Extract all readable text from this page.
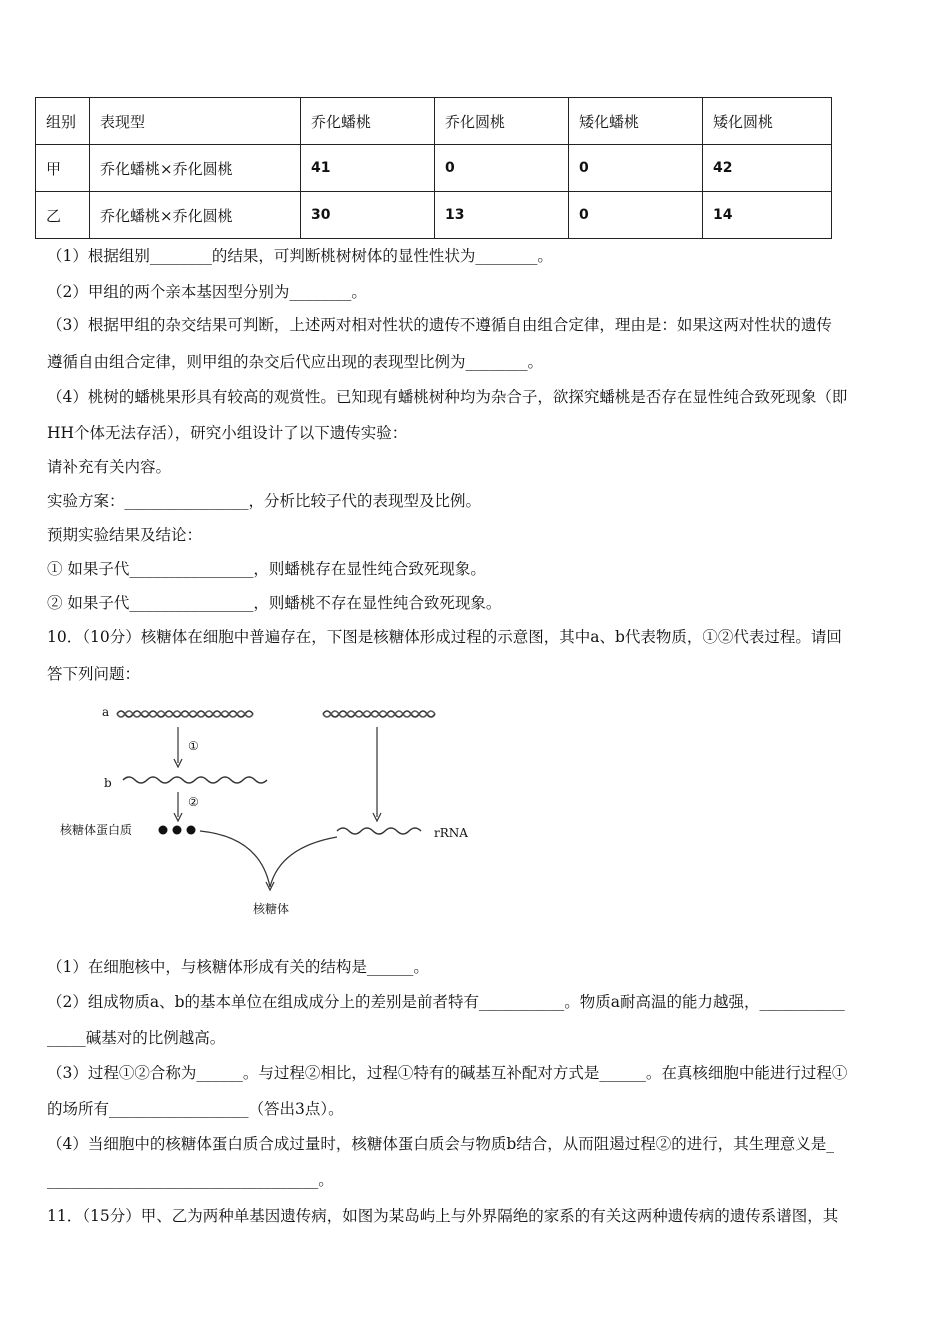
组别	表现型	乔化蟠桃	乔化圆桃	矮化蟠桃	矮化圆桃
甲	乔化蟠桃×乔化圆桃	41	0	0	42
乙	乔化蟠桃×乔化圆桃	30	13	0	14
（1）根据组别________的结果，可判断桃树树体的显性性状为________。
（2）甲组的两个亲本基因型分别为________。
（3）根据甲组的杂交结果可判断，上述两对相对性状的遗传不遵循自由组合定律，理由是：如果这两对性状的遗传
遵循自由组合定律，则甲组的杂交后代应出现的表现型比例为________。
（4）桃树的蟠桃果形具有较高的观赏性。已知现有蟠桃树种均为杂合子，欲探究蟠桃是否存在显性纯合致死现象（即
HH个体无法存活），研究小组设计了以下遗传实验：
请补充有关内容。
实验方案：________________，分析比较子代的表现型及比例。
预期实验结果及结论：
① 如果子代________________，则蟠桃存在显性纯合致死现象。
② 如果子代________________，则蟠桃不存在显性纯合致死现象。
10．（10分）核糖体在细胞中普遍存在，下图是核糖体形成过程的示意图，其中a、b代表物质，①②代表过程。请回
答下列问题：
a
①
b
②
核糖体蛋白质	rRNA
核糖体
（1）在细胞核中，与核糖体形成有关的结构是______。
（2）组成物质a、b的基本单位在组成成分上的差别是前者特有___________。物质a耐高温的能力越强，___________
_____碱基对的比例越高。
（3）过程①②合称为______。与过程②相比，过程①特有的碱基互补配对方式是______。在真核细胞中能进行过程①
的场所有__________________（答出3点）。
（4）当细胞中的核糖体蛋白质合成过量时，核糖体蛋白质会与物质b结合，从而阻遏过程②的进行，其生理意义是_
___________________________________。
11．（15分）甲、乙为两种单基因遗传病，如图为某岛屿上与外界隔绝的家系的有关这两种遗传病的遗传系谱图，其
